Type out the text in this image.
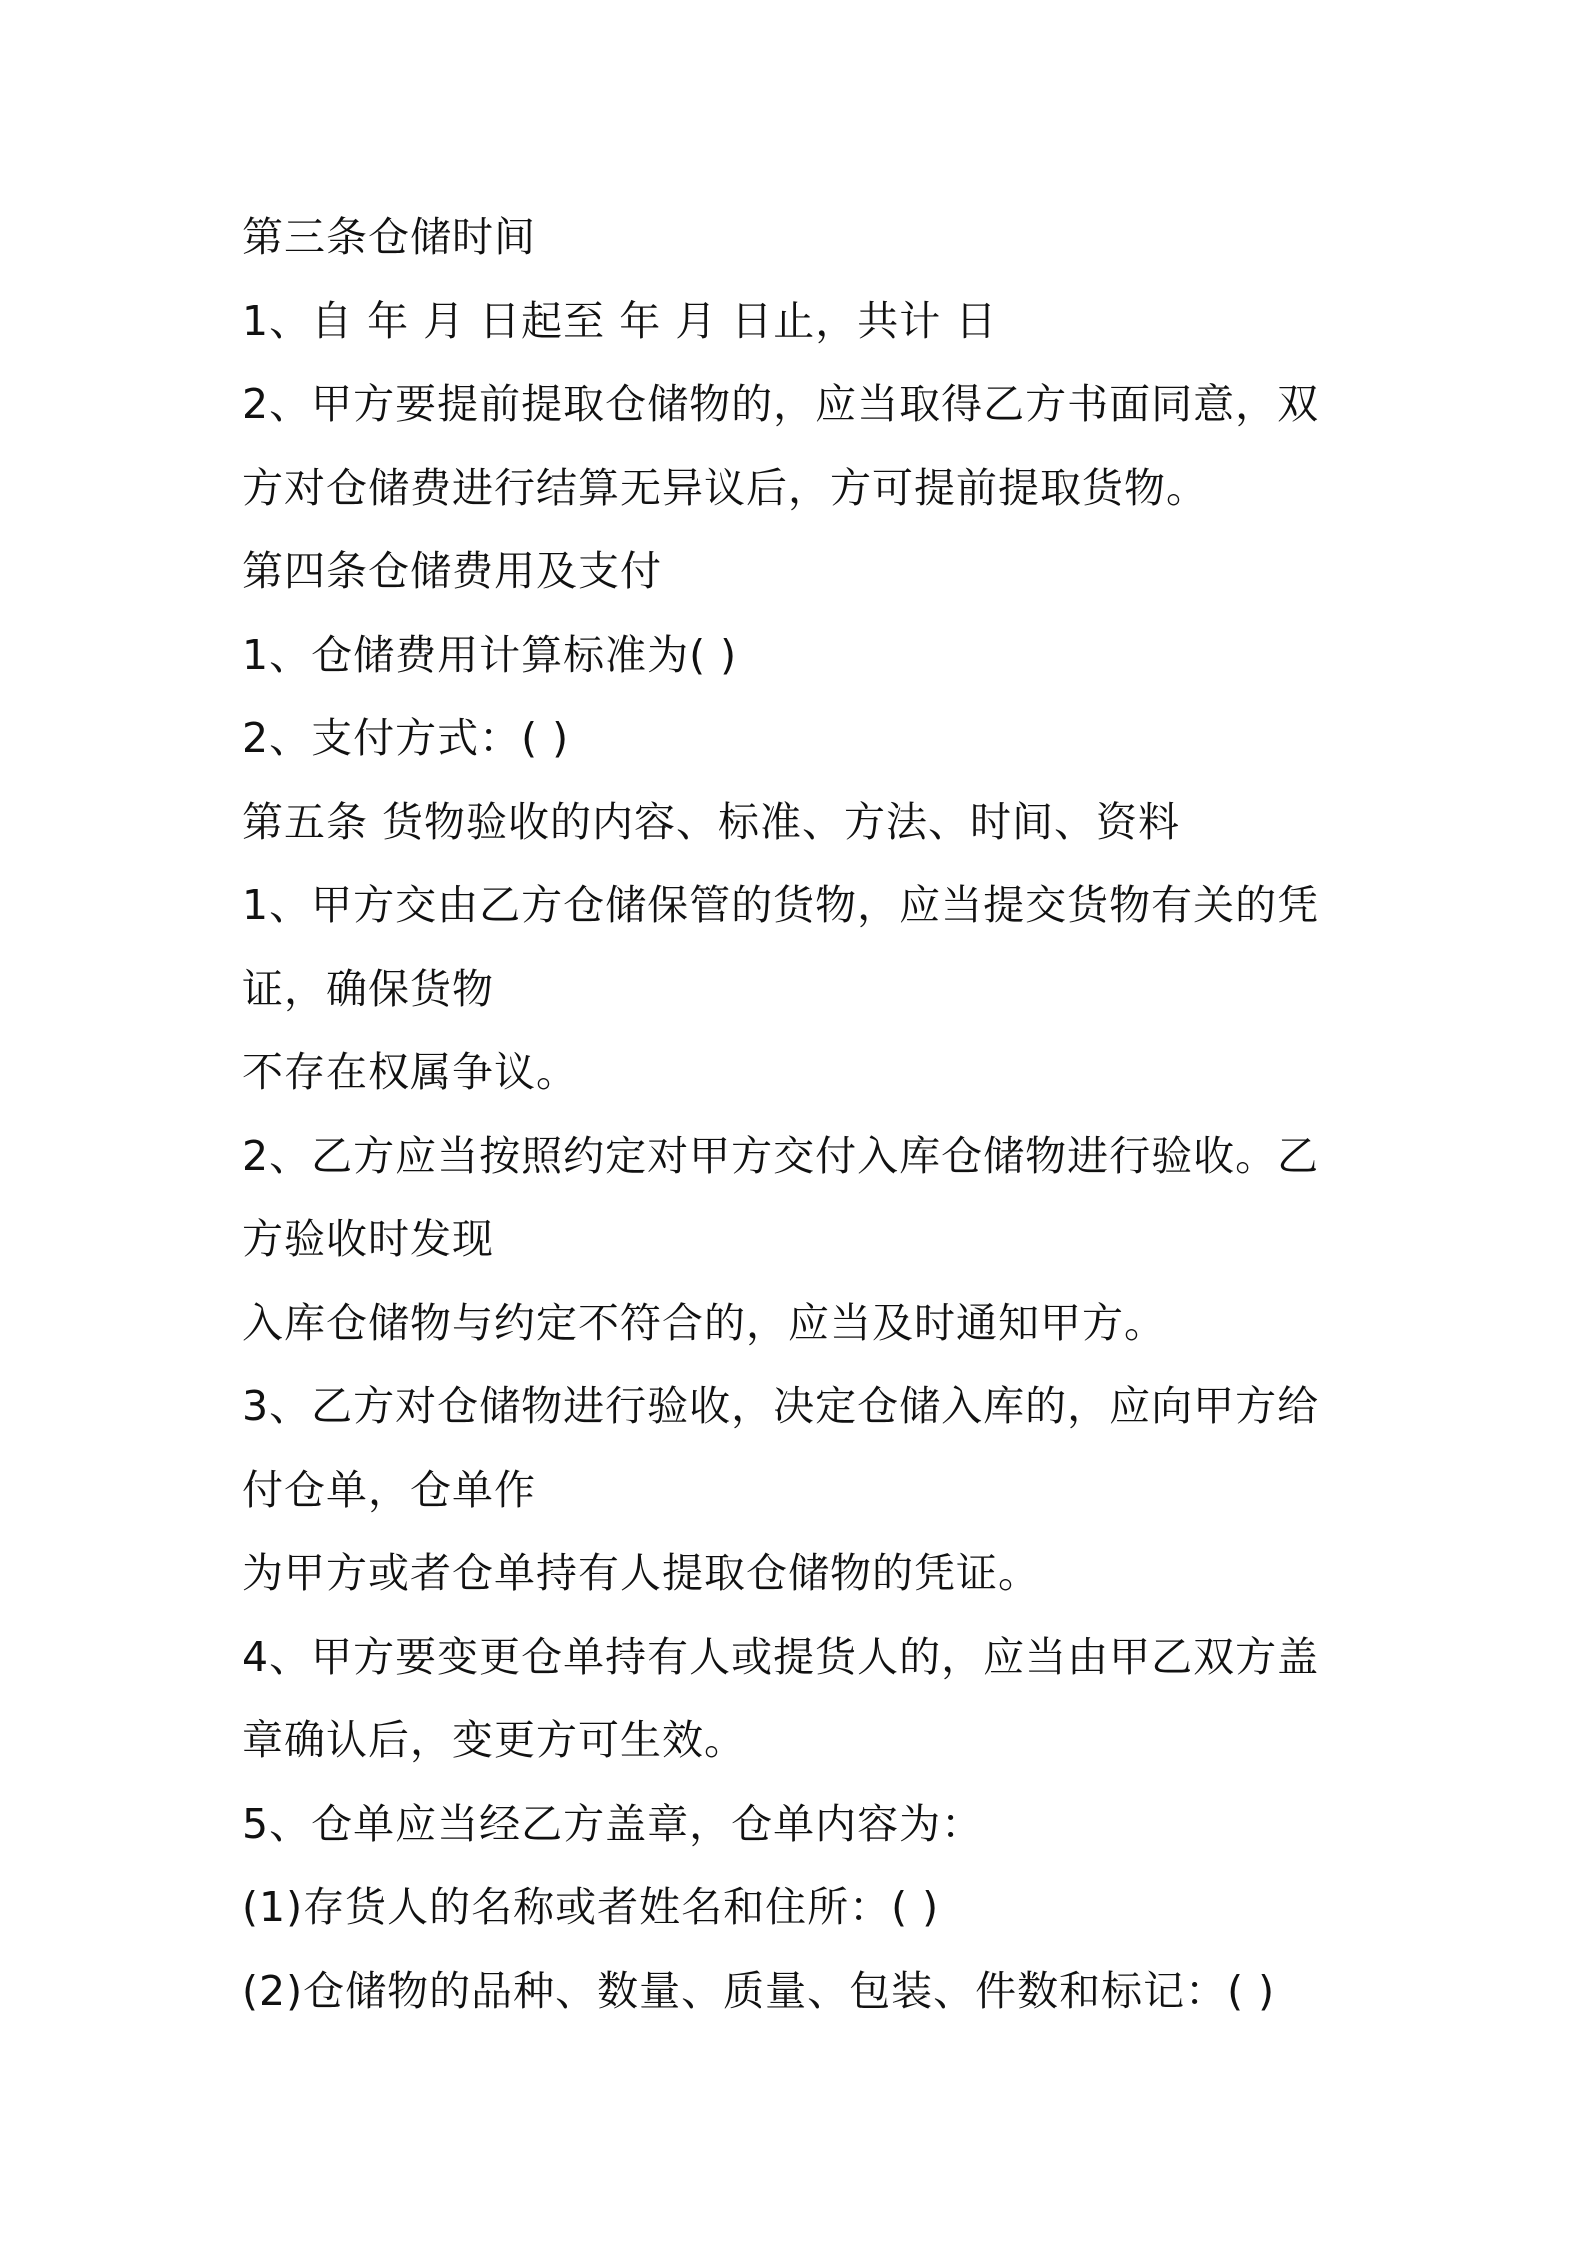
第三条仓储时间
1、自 年 月 日起至 年 月 日止，共计 日
2、甲方要提前提取仓储物的，应当取得乙方书面同意，双
方对仓储费进行结算无异议后，方可提前提取货物。
第四条仓储费用及支付
1、仓储费用计算标准为( )
2、支付方式：( )
第五条 货物验收的内容、标准、方法、时间、资料
1、甲方交由乙方仓储保管的货物，应当提交货物有关的凭
证，确保货物
不存在权属争议。
2、乙方应当按照约定对甲方交付入库仓储物进行验收。乙
方验收时发现
入库仓储物与约定不符合的，应当及时通知甲方。
3、乙方对仓储物进行验收，决定仓储入库的，应向甲方给
付仓单，仓单作
为甲方或者仓单持有人提取仓储物的凭证。
4、甲方要变更仓单持有人或提货人的，应当由甲乙双方盖
章确认后，变更方可生效。
5、仓单应当经乙方盖章，仓单内容为：
(1)存货人的名称或者姓名和住所：( )
(2)仓储物的品种、数量、质量、包装、件数和标记：( )
